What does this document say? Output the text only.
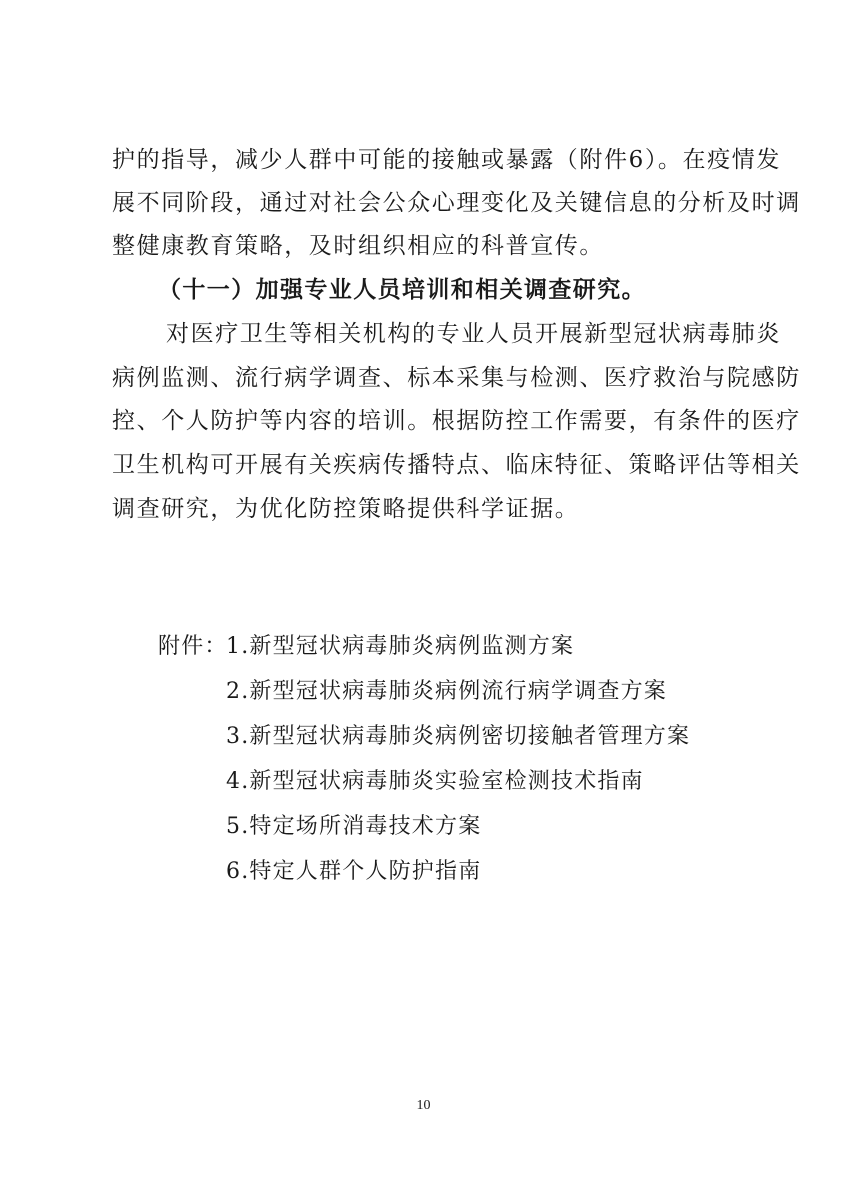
护的指导，减少人群中可能的接触或暴露（附件6）。在疫情发
展不同阶段，通过对社会公众心理变化及关键信息的分析及时调
整健康教育策略，及时组织相应的科普宣传。
（十一）加强专业人员培训和相关调查研究。
对医疗卫生等相关机构的专业人员开展新型冠状病毒肺炎
病例监测、流行病学调查、标本采集与检测、医疗救治与院感防
控、个人防护等内容的培训。根据防控工作需要，有条件的医疗
卫生机构可开展有关疾病传播特点、临床特征、策略评估等相关
调查研究，为优化防控策略提供科学证据。
附件：
1.新型冠状病毒肺炎病例监测方案
2.新型冠状病毒肺炎病例流行病学调查方案
3.新型冠状病毒肺炎病例密切接触者管理方案
4.新型冠状病毒肺炎实验室检测技术指南
5.特定场所消毒技术方案
6.特定人群个人防护指南
10
